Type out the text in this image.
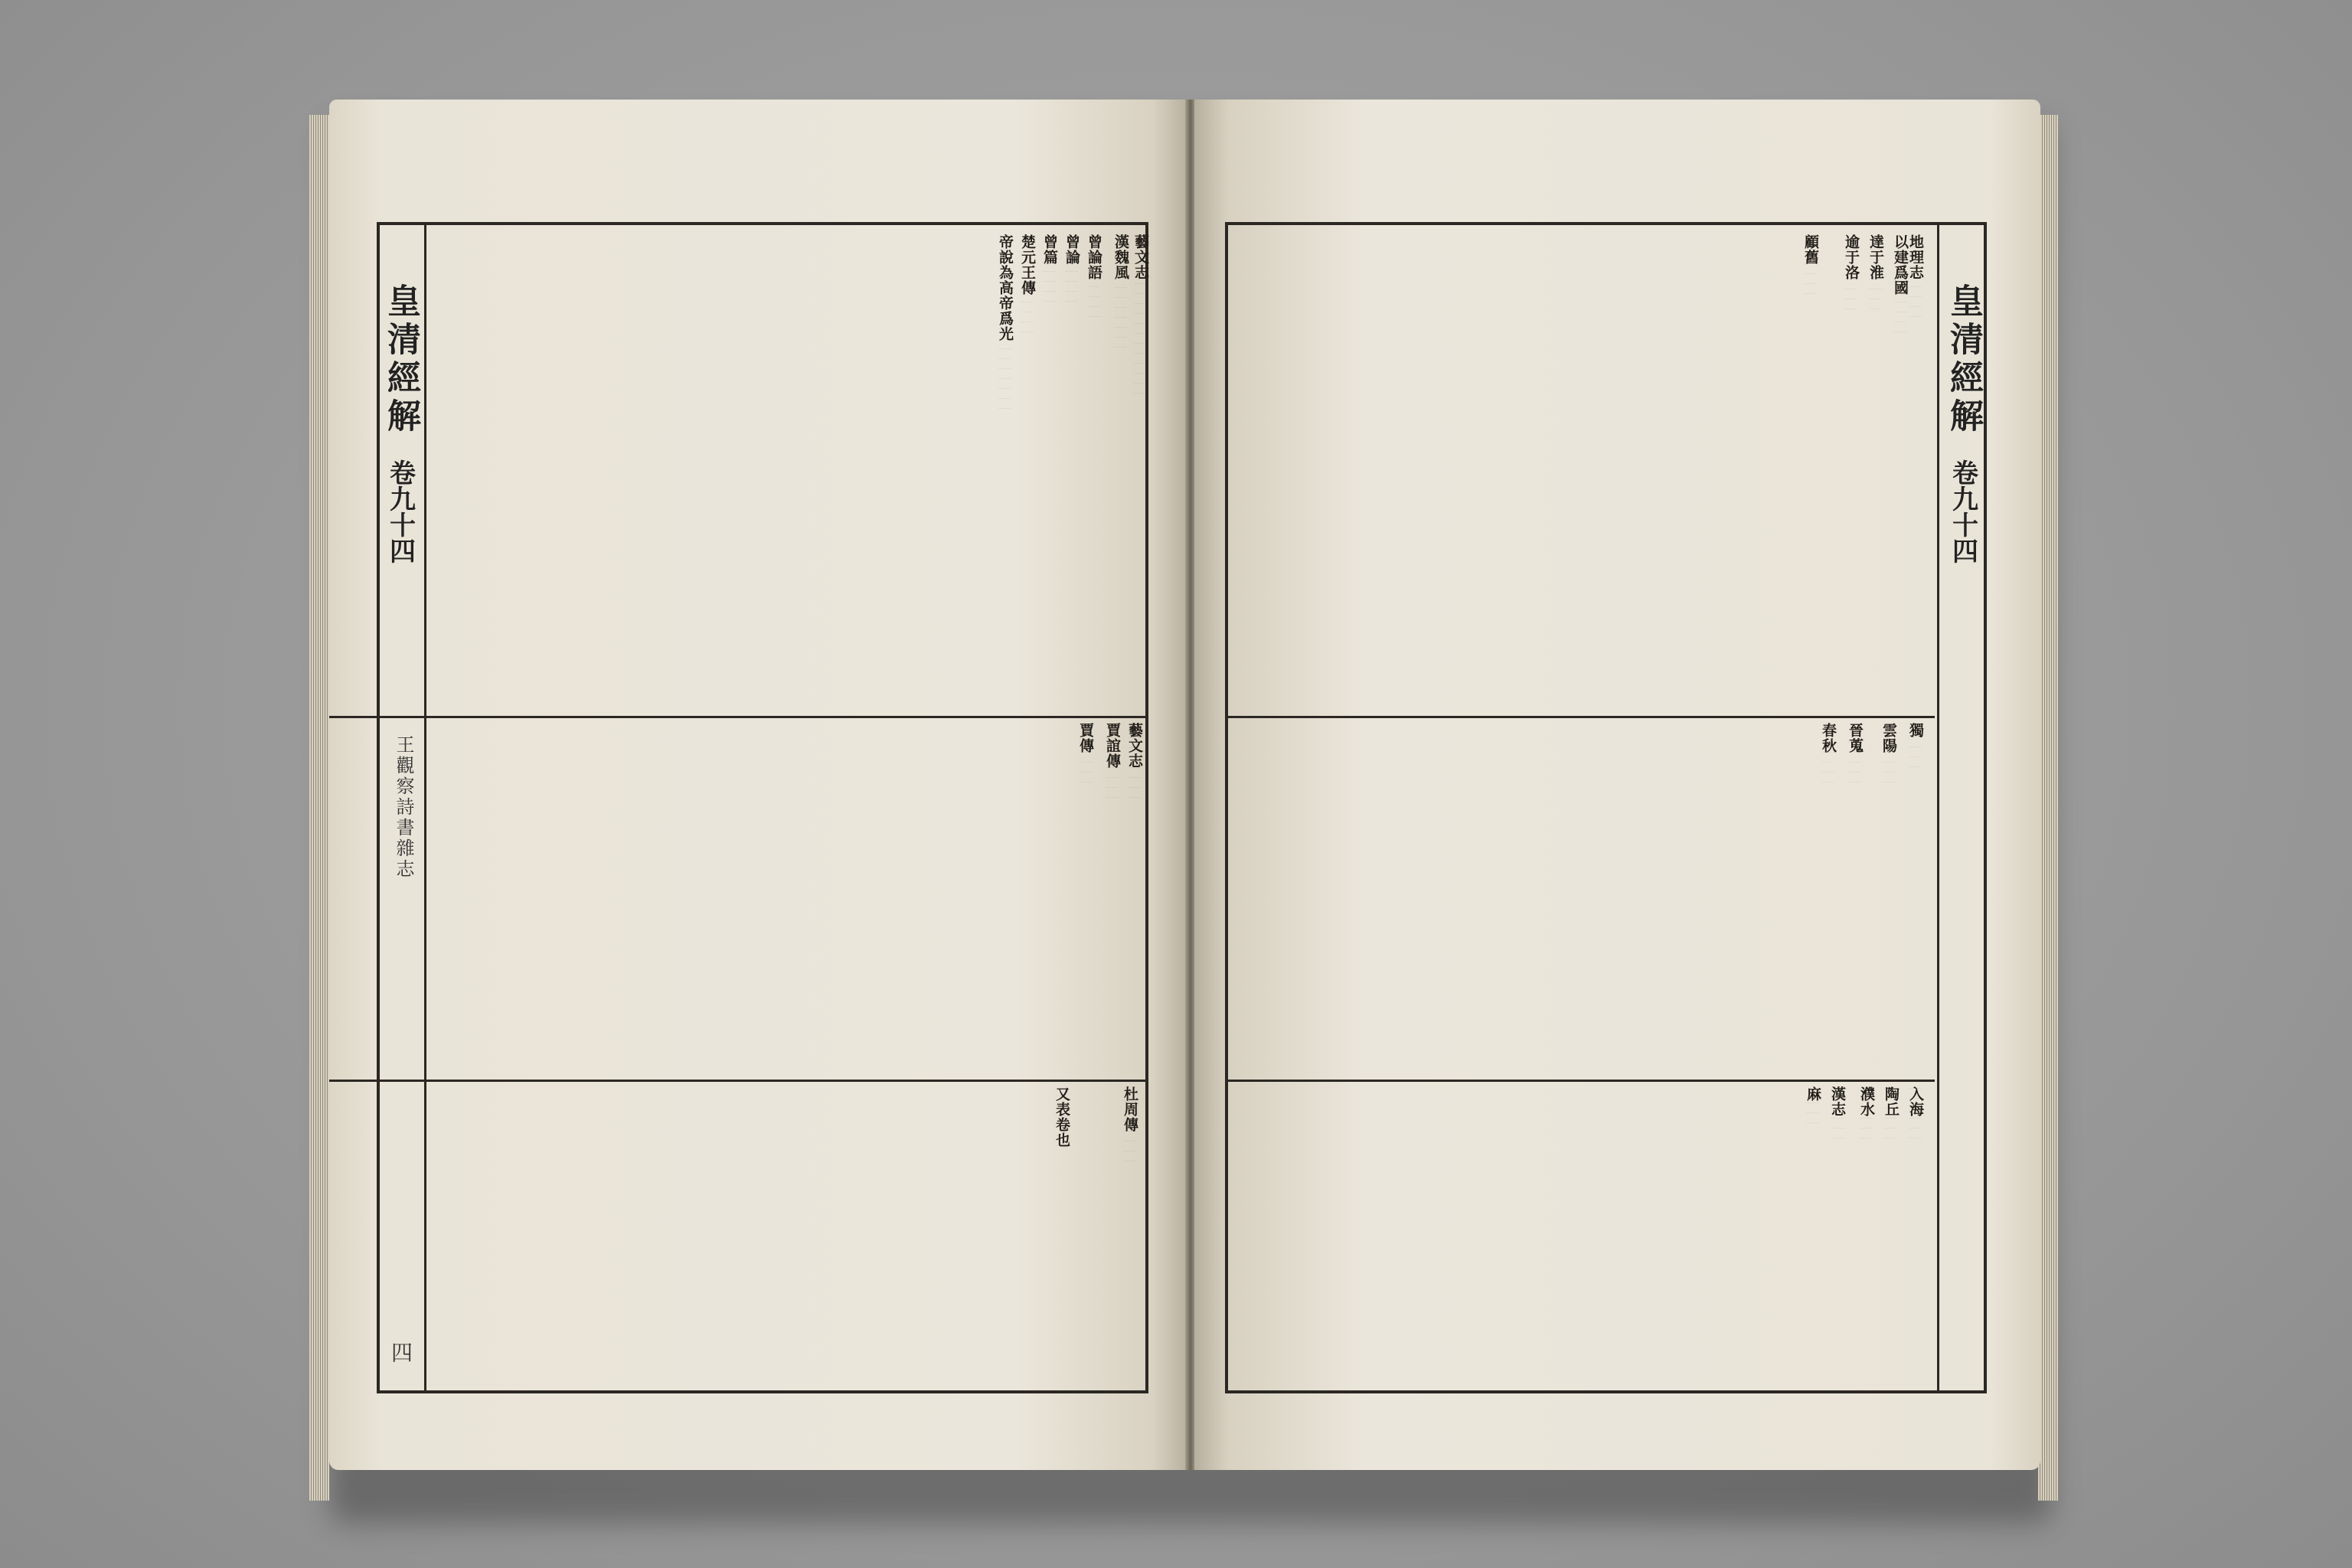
皇清經解
卷九十四
四
王觀察詩書雜志
藝文志
漢魏風
曾論語
曾論
曾篇
楚元王傳
帝說為高帝爲光
藝文志
賈誼傳
賈傳
杜周傳
又表卷也
皇清經解
卷九十四
地理志
以建爲國
達于淮
逾于洛
顧舊
獨
雲陽
晉蒐
春秋
入海
陶丘
濮水
漢志
麻
